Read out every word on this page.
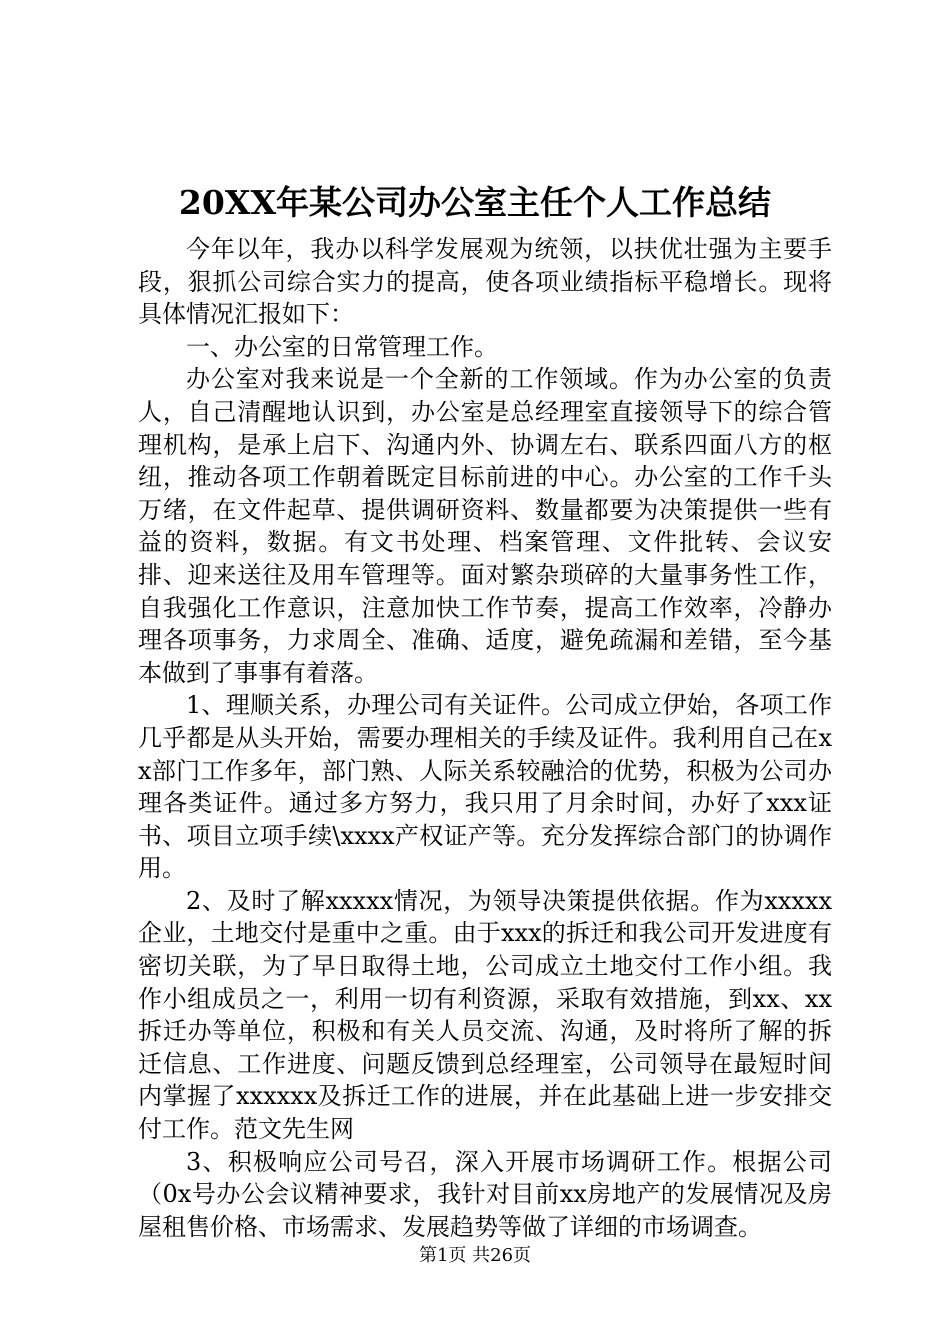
20XX年某公司办公室主任个人工作总结

今年以年，我办以科学发展观为统领，以扶优壮强为主要手段，狠抓公司综合实力的提高，使各项业绩指标平稳增长。现将具体情况汇报如下：

一、办公室的日常管理工作。

办公室对我来说是一个全新的工作领域。作为办公室的负责人，自己清醒地认识到，办公室是总经理室直接领导下的综合管理机构，是承上启下、沟通内外、协调左右、联系四面八方的枢纽，推动各项工作朝着既定目标前进的中心。办公室的工作千头万绪，在文件起草、提供调研资料、数量都要为决策提供一些有益的资料，数据。有文书处理、档案管理、文件批转、会议安排、迎来送往及用车管理等。面对繁杂琐碎的大量事务性工作，自我强化工作意识，注意加快工作节奏，提高工作效率，冷静办理各项事务，力求周全、准确、适度，避免疏漏和差错，至今基本做到了事事有着落。

1、理顺关系，办理公司有关证件。公司成立伊始，各项工作几乎都是从头开始，需要办理相关的手续及证件。我利用自己在xx部门工作多年，部门熟、人际关系较融洽的优势，积极为公司办理各类证件。通过多方努力，我只用了月余时间，办好了xxx证书、项目立项手续\xxxx产权证产等。充分发挥综合部门的协调作用。

2、及时了解xxxxx情况，为领导决策提供依据。作为xxxxx企业，土地交付是重中之重。由于xxx的拆迁和我公司开发进度有密切关联，为了早日取得土地，公司成立土地交付工作小组。我作小组成员之一，利用一切有利资源，采取有效措施，到xx、xx拆迁办等单位，积极和有关人员交流、沟通，及时将所了解的拆迁信息、工作进度、问题反馈到总经理室，公司领导在最短时间内掌握了xxxxxx及拆迁工作的进展，并在此基础上进一步安排交付工作。范文先生网

3、积极响应公司号召，深入开展市场调研工作。根据公司（0x号办公会议精神要求，我针对目前xx房地产的发展情况及房屋租售价格、市场需求、发展趋势等做了详细的市场调查。

第1页 共26页
